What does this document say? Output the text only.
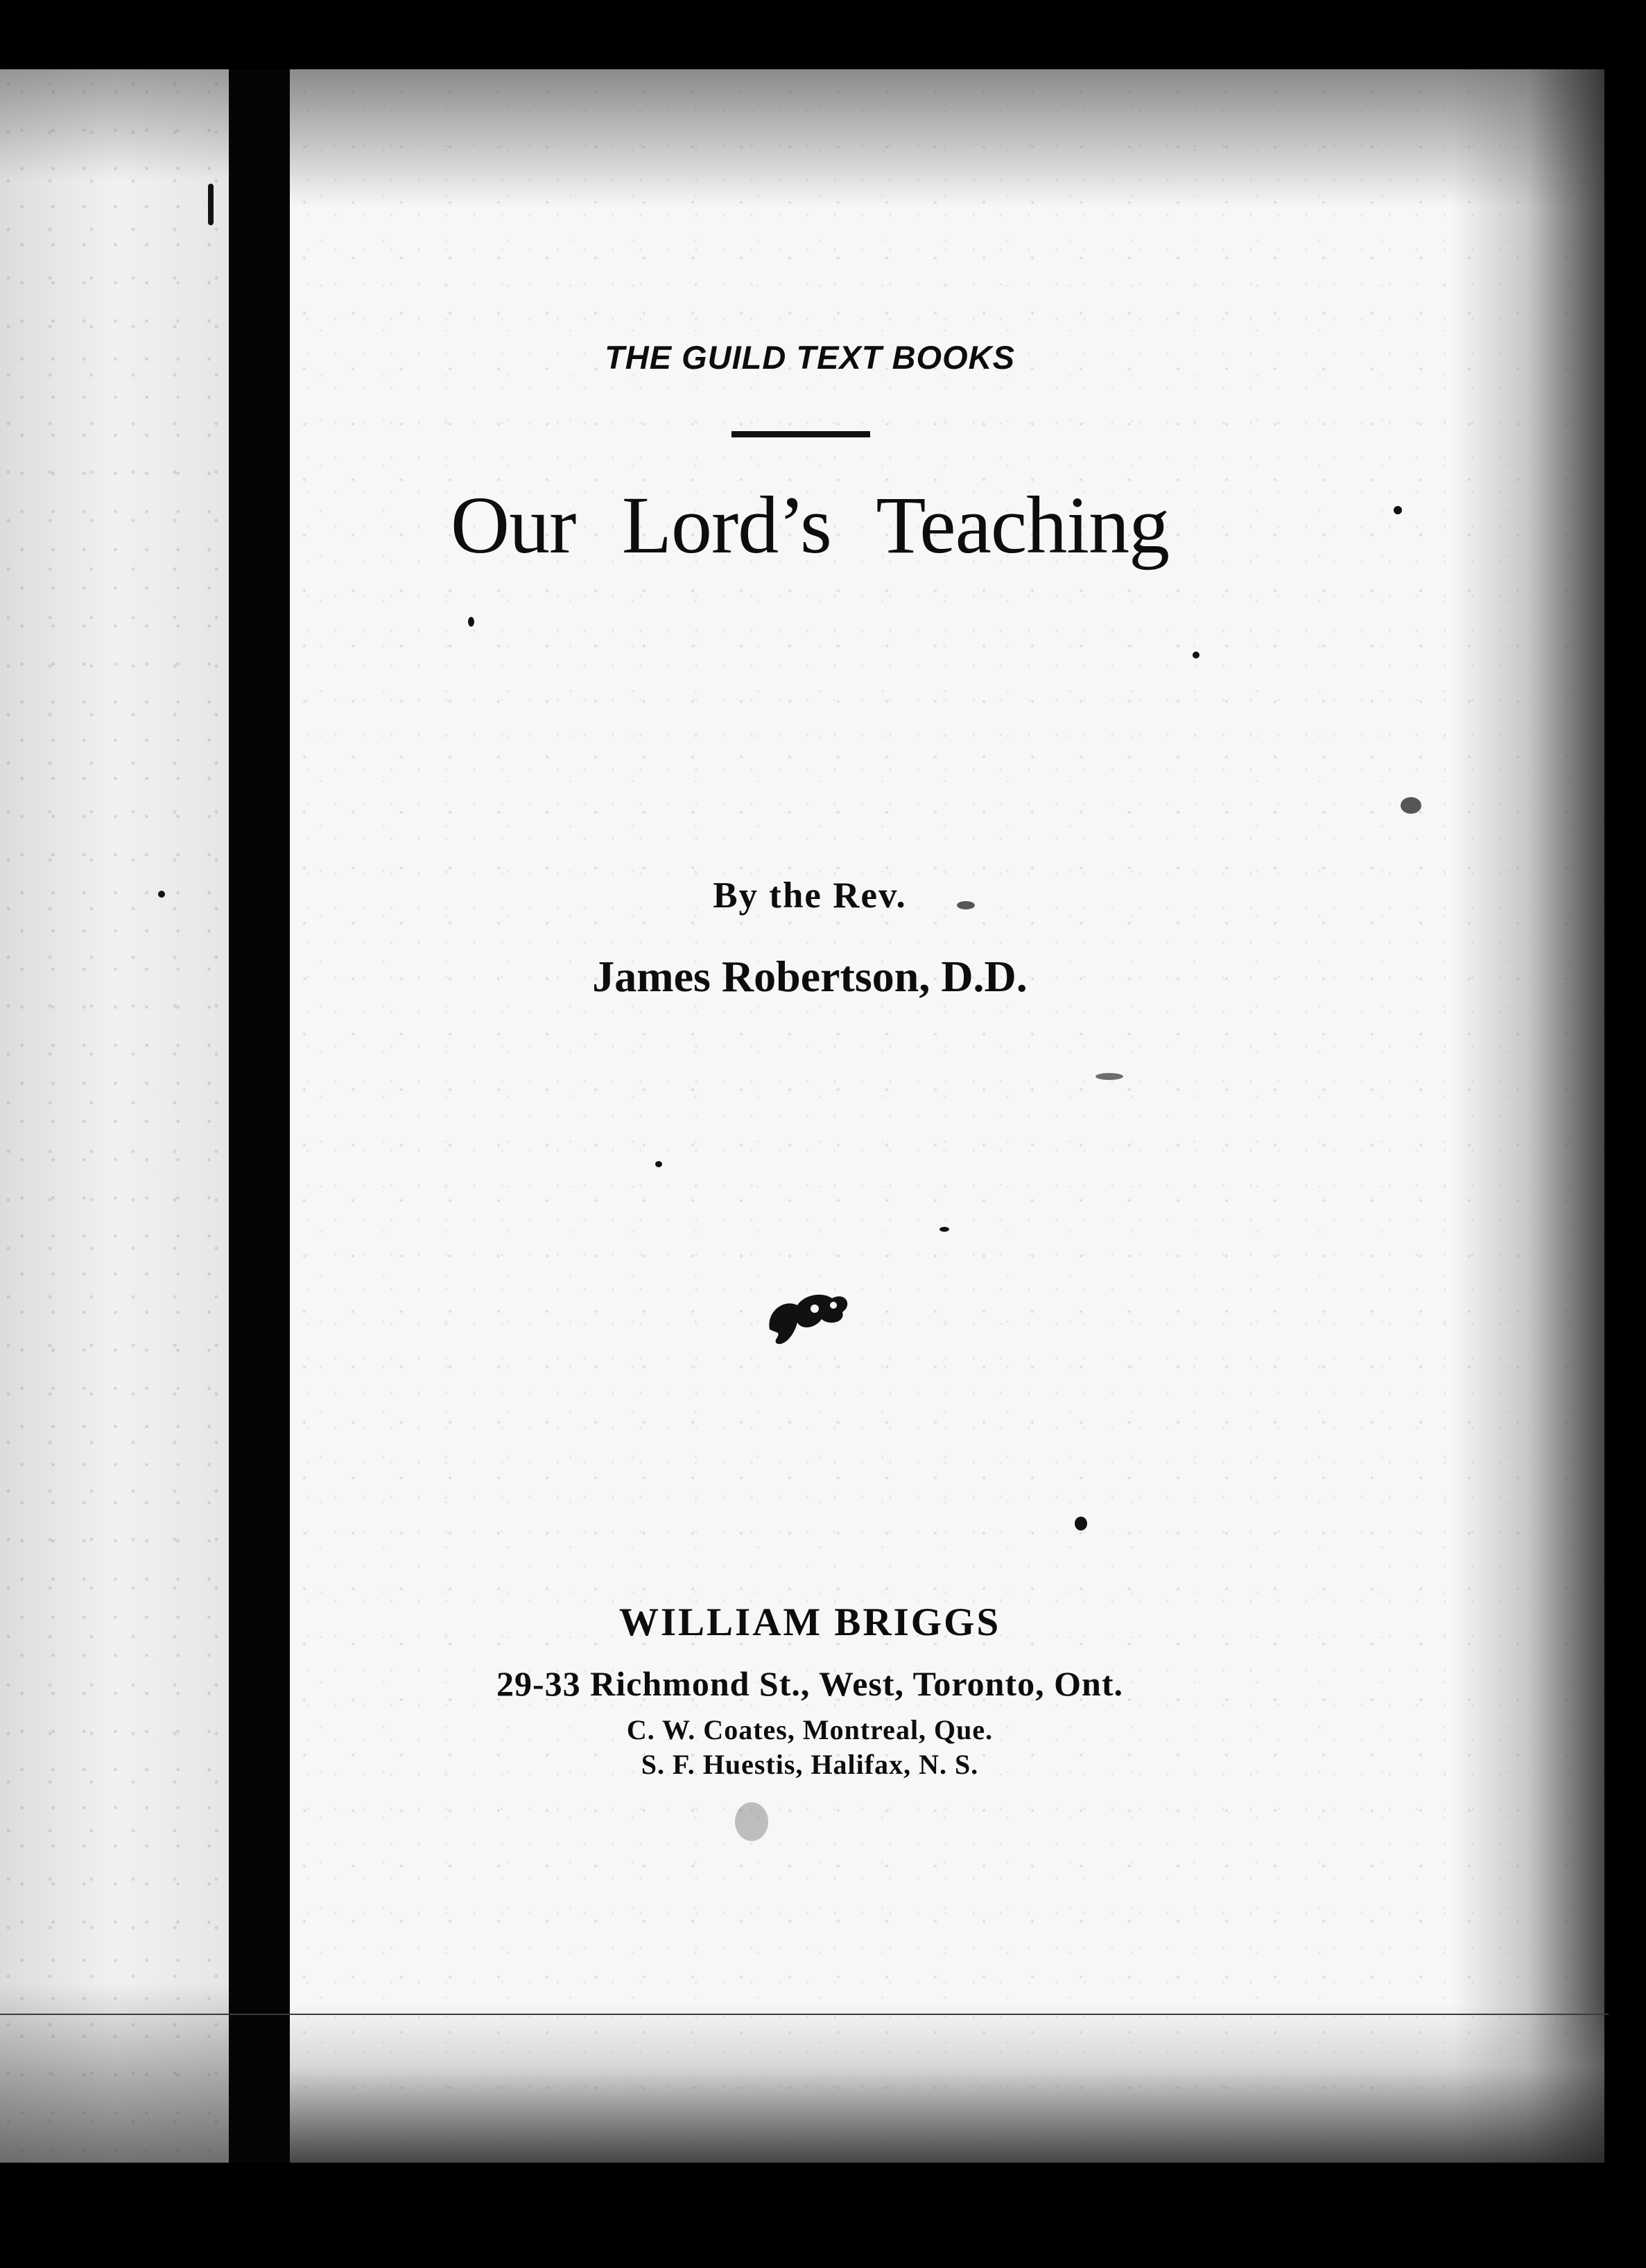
THE GUILD TEXT BOOKS
Our Lord’s Teaching
By the Rev.
James Robertson, D.D.
WILLIAM BRIGGS
29-33 Richmond St., West, Toronto, Ont.
C. W. Coates, Montreal, Que.
S. F. Huestis, Halifax, N. S.
